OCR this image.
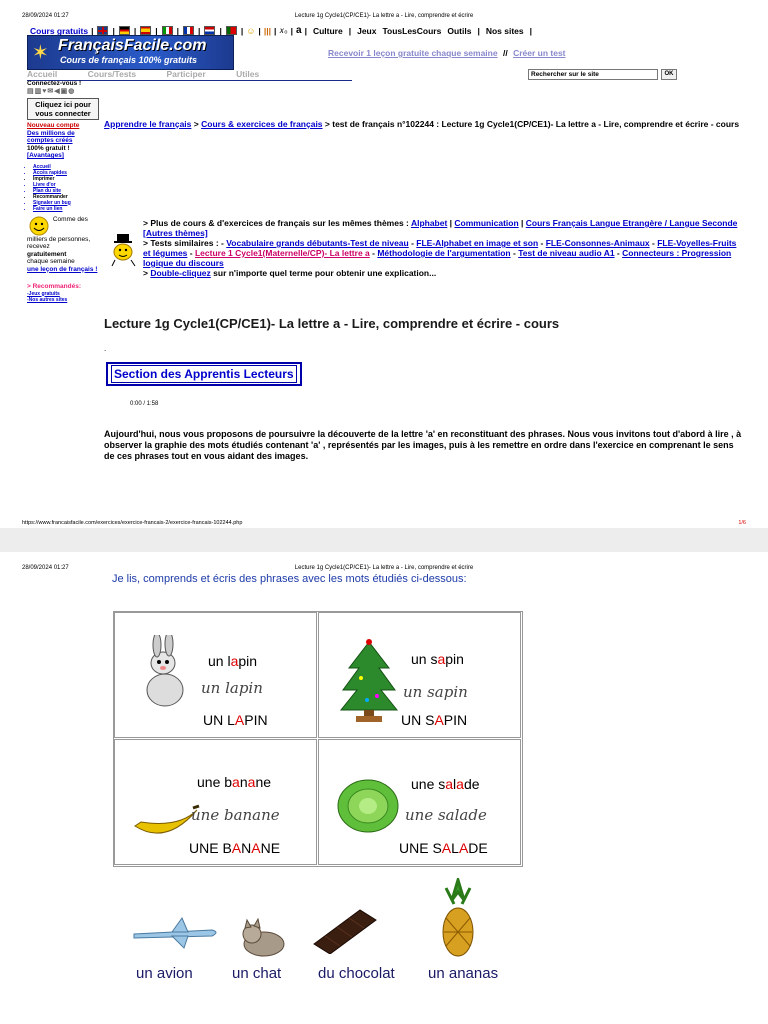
28/09/2024 01:27	Lecture 1g Cycle1(CP/CE1)- La lettre a - Lire, comprendre et écrire
Cours gratuits | | | | | | | | ☺ | ||| | 𝑥₀ | a | Culture | Jeux TousLesCours Outils | Nos sites |
✶ FrançaisFacile.com
Cours de français 100% gratuits
Recevoir 1 leçon gratuite chaque semaine // Créer un test
Accueil	Cours/Tests	Participer	Utiles	Rechercher sur le site	OK
Connectez-vous !
▤▥♥✉◀▣◍
Cliquez ici pour vous connecter
Nouveau compte
Des millions de comptes créés
100% gratuit !
[Avantages]
• Accueil
• Accès rapides
• Imprimer
• Livre d'or
• Plan du site
• Recommander
• Signaler un bug
• Faire un lien
Comme des milliers de personnes, recevez
gratuitement
chaque semaine
une leçon de français !
> Recommandés:
-Jeux gratuits
-Nos autres sites
Apprendre le français > Cours & exercices de français > test de français n°102244 : Lecture 1g Cycle1(CP/CE1)- La lettre a - Lire, comprendre et écrire - cours
> Plus de cours & d'exercices de français sur les mêmes thèmes : Alphabet | Communication | Cours Français Langue Etrangère / Langue Seconde [Autres thèmes]
> Tests similaires : - Vocabulaire grands débutants-Test de niveau - FLE-Alphabet en image et son - FLE-Consonnes-Animaux - FLE-Voyelles-Fruits et légumes - Lecture 1 Cycle1(Maternelle/CP)- La lettre a - Méthodologie de l'argumentation - Test de niveau audio A1 - Connecteurs : Progression logique du discours
> Double-cliquez sur n'importe quel terme pour obtenir une explication...
Lecture 1g Cycle1(CP/CE1)- La lettre a - Lire, comprendre et écrire - cours
.
Section des Apprentis Lecteurs
0:00 / 1:58
Aujourd'hui, nous vous proposons de poursuivre la découverte de la lettre 'a' en reconstituant des phrases. Nous vous invitons tout d'abord à lire , à observer la graphie des mots étudiés contenant 'a' , représentés par les images, puis à les remettre en ordre dans l'exercice en comprenant le sens de ces phrases tout en vous aidant des images.
https://www.francaisfacile.com/exercices/exercice-francais-2/exercice-francais-102244.php	1/6
28/09/2024 01:27	Lecture 1g Cycle1(CP/CE1)- La lettre a - Lire, comprendre et écrire
Je lis, comprends et écris des phrases avec les mots étudiés ci-dessous:
un lapin
un lapin
UN LAPIN
un sapin
un sapin
UN SAPIN
une banane
une banane
UNE BANANE
une salade
une salade
UNE SALADE
un avion	un chat du chocolat un ananas
